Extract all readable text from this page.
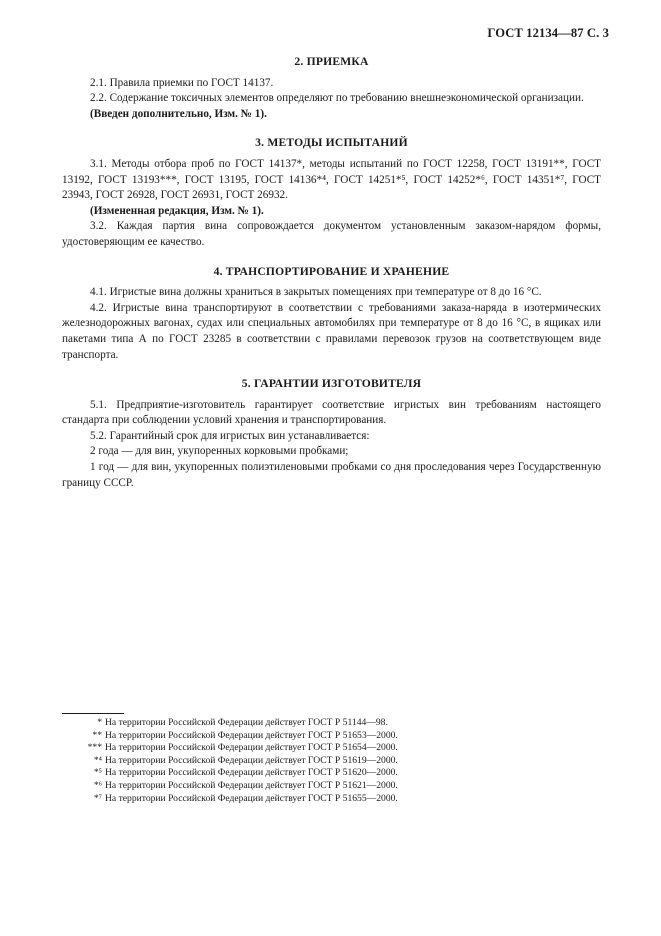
ГОСТ 12134—87 С. 3
2. ПРИЕМКА

2.1. Правила приемки по ГОСТ 14137.

2.2. Содержание токсичных элементов определяют по требованию внешнеэкономической организации.

(Введен дополнительно, Изм. № 1).

3. МЕТОДЫ ИСПЫТАНИЙ

3.1. Методы отбора проб по ГОСТ 14137*, методы испытаний по ГОСТ 12258, ГОСТ 13191**, ГОСТ 13192, ГОСТ 13193***, ГОСТ 13195, ГОСТ 14136*⁴, ГОСТ 14251*⁵, ГОСТ 14252*⁶, ГОСТ 14351*⁷, ГОСТ 23943, ГОСТ 26928, ГОСТ 26931, ГОСТ 26932.

(Измененная редакция, Изм. № 1).

3.2. Каждая партия вина сопровождается документом установленным заказом-нарядом формы, удостоверяющим ее качество.

4. ТРАНСПОРТИРОВАНИЕ И ХРАНЕНИЕ

4.1. Игристые вина должны храниться в закрытых помещениях при температуре от 8 до 16 °С.

4.2. Игристые вина транспортируют в соответствии с требованиями заказа-наряда в изотермических железнодорожных вагонах, судах или специальных автомобилях при температуре от 8 до 16 °С, в ящиках или пакетами типа А по ГОСТ 23285 в соответствии с правилами перевозок грузов на соответствующем виде транспорта.

5. ГАРАНТИИ ИЗГОТОВИТЕЛЯ

5.1. Предприятие-изготовитель гарантирует соответствие игристых вин требованиям настоящего стандарта при соблюдении условий хранения и транспортирования.

5.2. Гарантийный срок для игристых вин устанавливается:

2 года — для вин, укупоренных корковыми пробками;

1 год — для вин, укупоренных полиэтиленовыми пробками со дня проследования через Государственную границу СССР.

* На территории Российской Федерации действует ГОСТ Р 51144—98.
** На территории Российской Федерации действует ГОСТ Р 51653—2000.
*** На территории Российской Федерации действует ГОСТ Р 51654—2000.
*⁴ На территории Российской Федерации действует ГОСТ Р 51619—2000.
*⁵ На территории Российской Федерации действует ГОСТ Р 51620—2000.
*⁶ На территории Российской Федерации действует ГОСТ Р 51621—2000.
*⁷ На территории Российской Федерации действует ГОСТ Р 51655—2000.
